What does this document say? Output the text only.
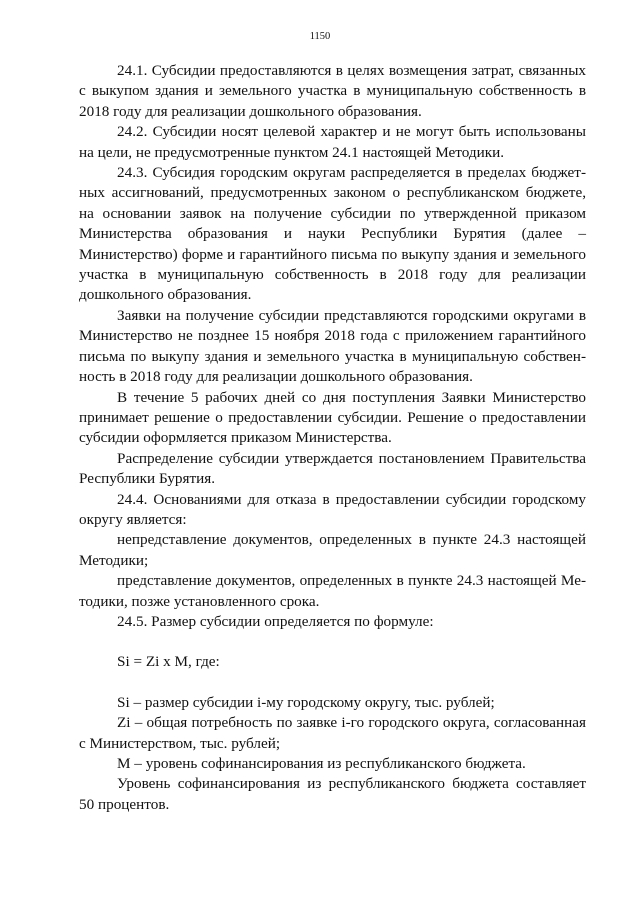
1150

24.1. Субсидии предоставляются в целях возмещения затрат, связанных с выкупом здания и земельного участка в муниципальную собственность в 2018 году для реализации дошкольного образования.

24.2. Субсидии носят целевой характер и не могут быть использованы на цели, не предусмотренные пунктом 24.1 настоящей Методики.

24.3. Субсидия городским округам распределяется в пределах бюджетных ассигнований, предусмотренных законом о республиканском бюджете, на основании заявок на получение субсидии по утвержденной приказом Министерства образования и науки Республики Бурятия (далее – Министерство) форме и гарантийного письма по выкупу здания и земельного участка в муниципальную собственность в 2018 году для реализации дошкольного образования.

Заявки на получение субсидии представляются городскими округами в Министерство не позднее 15 ноября 2018 года с приложением гарантийного письма по выкупу здания и земельного участка в муниципальную собственность в 2018 году для реализации дошкольного образования.

В течение 5 рабочих дней со дня поступления Заявки Министерство принимает решение о предоставлении субсидии. Решение о предоставлении субсидии оформляется приказом Министерства.

Распределение субсидии утверждается постановлением Правительства Республики Бурятия.

24.4. Основаниями для отказа в предоставлении субсидии городскому округу является:

непредставление документов, определенных в пункте 24.3 настоящей Методики;

представление документов, определенных в пункте 24.3 настоящей Методики, позже установленного срока.

24.5. Размер субсидии определяется по формуле:

Si = Zi x M, где:

Si – размер субсидии i-му городскому округу, тыс. рублей;

Zi – общая потребность по заявке i-го городского округа, согласованная с Министерством, тыс. рублей;

М – уровень софинансирования из республиканского бюджета.

Уровень софинансирования из республиканского бюджета составляет 50 процентов.
